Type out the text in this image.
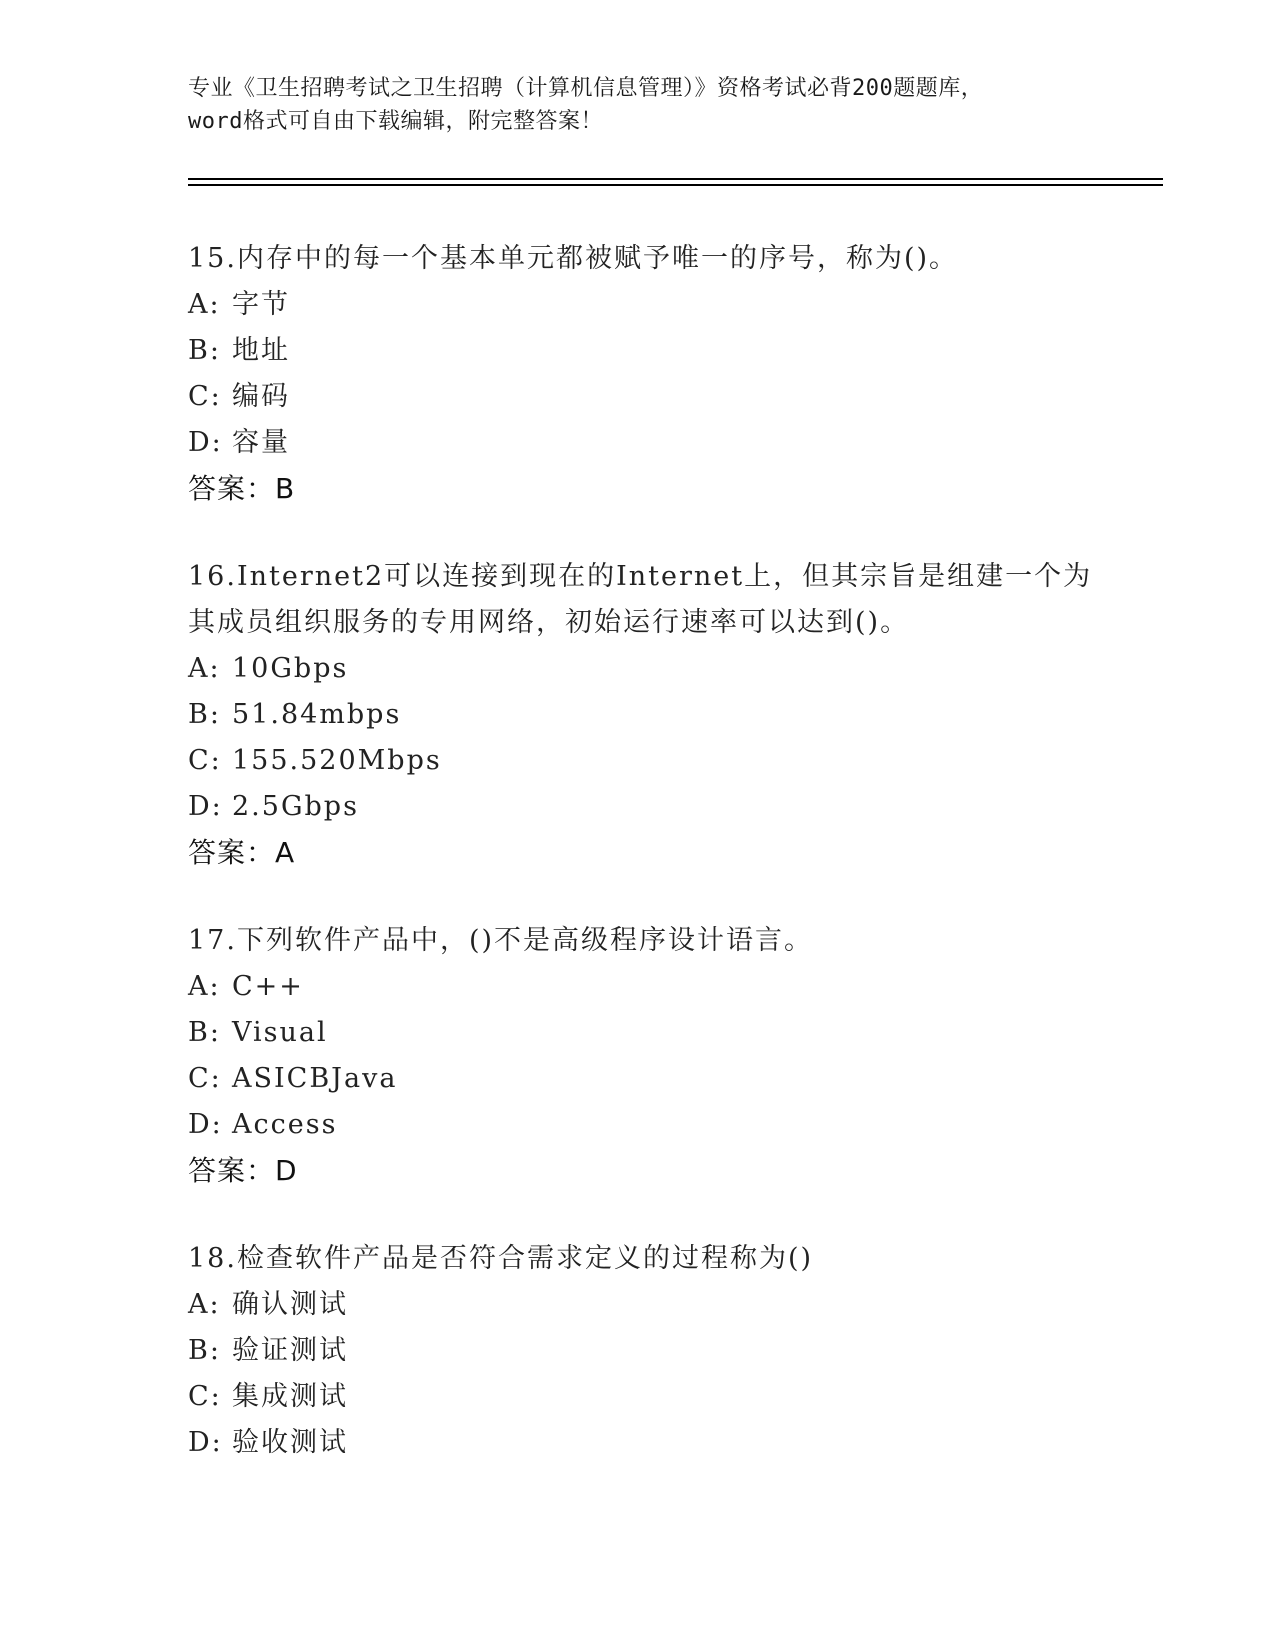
专业《卫生招聘考试之卫生招聘（计算机信息管理）》资格考试必背200题题库，
word格式可自由下载编辑，附完整答案！
15.内存中的每一个基本单元都被赋予唯一的序号，称为()。
A: 字节
B: 地址
C: 编码
D: 容量
答案：B
16.Internet2可以连接到现在的Internet上，但其宗旨是组建一个为
其成员组织服务的专用网络，初始运行速率可以达到()。
A: 10Gbps
B: 51.84mbps
C: 155.520Mbps
D: 2.5Gbps
答案：A
17.下列软件产品中，()不是高级程序设计语言。
A: C++
B: Visual
C: ASICBJava
D: Access
答案：D
18.检查软件产品是否符合需求定义的过程称为()
A: 确认测试
B: 验证测试
C: 集成测试
D: 验收测试
